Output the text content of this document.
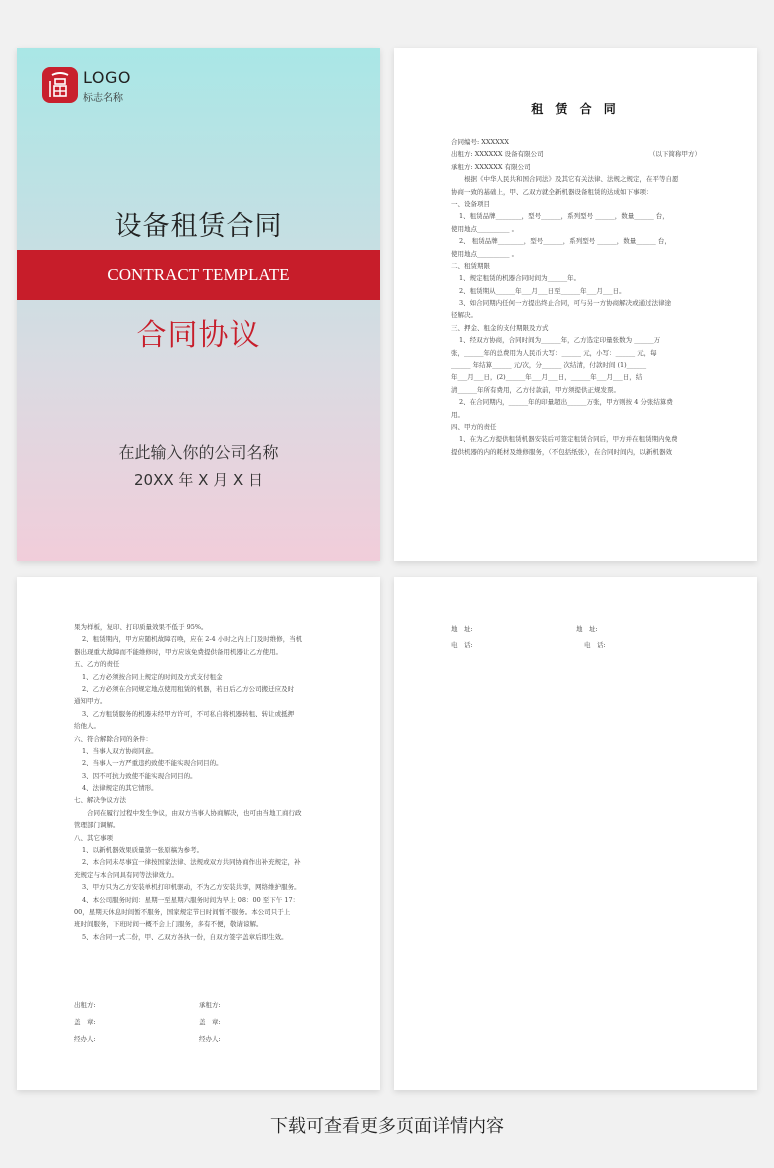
LOGO
标志名称
设备租赁合同
CONTRACT TEMPLATE
合同协议
在此输入你的公司名称
20XX 年 X 月 X 日
租 赁 合 同
合同编号: XXXXXX
出租方: XXXXXX 设备有限公司	（以下简称甲方）
承租方: XXXXXX 有限公司
根据《中华人民共和国合同法》及其它有关法律、法规之规定，在平等自愿
协商一致的基础上，甲、乙双方就全新机器设备租赁的达成如下事项：
一、设备项目
1、租赁品牌________，型号______，系列型号 ______，数量______ 台，
使用地点__________ 。
2、 租赁品牌________，型号______，系列型号 ______，数量______ 台，
使用地点__________ 。
二、租赁期限
1、规定租赁的机器合同时间为______年。
2、租赁期从______年___月___日至______年___月___日。
3、如合同期内任何一方提出终止合同，可与另一方协商解决或通过法律途
径解决。
三、押金、租金的支付期限及方式
1、经双方协商，合同时间为______年，乙方选定印量张数为 ______万
张，______年的总费用为人民币大写：______ 元，小写：______ 元，每
______ 年结算______ 元/次，分______ 次结清，付款时间 (1)______
年___月___日，(2)______年___月___日，______年___月___日，结
清______年所有费用，乙方付款前，甲方须提供正规发票。
2、在合同期内，______年的印量超出______万张，甲方则按 4 分张结算费
用。
四、甲方的责任
1、在为乙方提供租赁机器安装后可签定租赁合同后，甲方并在租赁期内免费
提供机器的内的耗材及维修服务，（不包括纸张），在合同时间内，以新机器效
果为样板，复印、打印质量效果不低于 95%。
2、租赁期内，甲方应随机故障召唤，应在 2-4 小时之内上门及时维修，当机
器出现重大故障而不能维修时，甲方应该免费提供备用机器让乙方使用。
五、乙方的责任
1、乙方必须按合同上规定的时间及方式支付租金
2、乙方必须在合同规定地点使用租赁的机器，若日后乙方公司搬迁应及时
通知甲方。
3、乙方租赁服务的机器未经甲方许可，不可私自将机器转租、转让或抵押
给他人。
六、符合解除合同的条件：
1、当事人双方协商同意。
2、当事人一方严重违约致使不能实现合同目的。
3、因不可抗力致使不能实现合同目的。
4、法律规定的其它情形。
七、解决争议方法
合同在履行过程中发生争议，由双方当事人协商解决，也可由当地工商行政
管理部门调解。
八、其它事项
1、以新机器效果质量第一张原稿为参考。
2、本合同未尽事宜一律按国家法律、法规或双方共同协商作出补充规定，补
充规定与本合同具有同等法律效力。
3、甲方只为乙方安装单机打印机驱动，不为乙方安装共享，网络维护服务。
4、本公司服务时间：星期一至星期六服务时间为早上 08：00 至下午 17：
00，星期天休息时间暂不服务，国家规定节日时间暂不服务。本公司只于上
班时间服务，下班时间一概不会上门服务，多有不便，敬请谅解。
5、本合同一式二份，甲、乙双方各执一份，自双方签字盖章后即生效。
出租方:
盖　章:
经办人:
承租方:
盖　章:
经办人:
地　址:
电　话:
地　址:
电　话:
下载可查看更多页面详情内容
